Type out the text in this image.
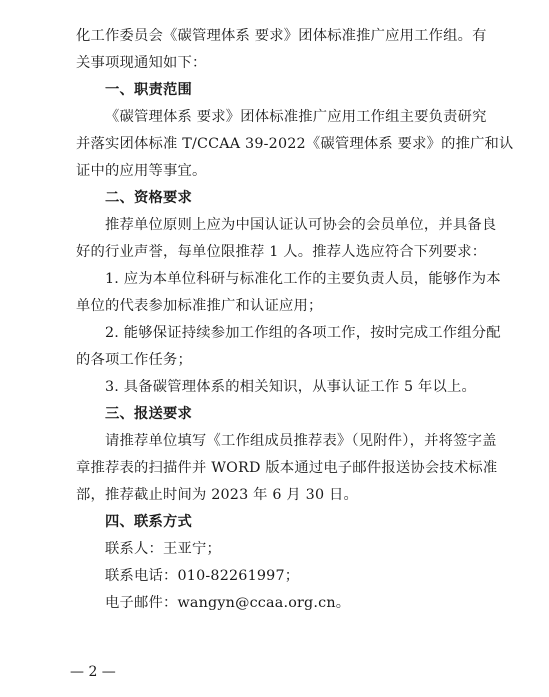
化工作委员会《碳管理体系 要求》团体标准推广应用工作组。有
关事项现通知如下：
一、职责范围
《碳管理体系 要求》团体标准推广应用工作组主要负责研究
并落实团体标准 T/CCAA 39-2022《碳管理体系 要求》的推广和认
证中的应用等事宜。
二、资格要求
推荐单位原则上应为中国认证认可协会的会员单位，并具备良
好的行业声誉，每单位限推荐 1 人。推荐人选应符合下列要求：
1. 应为本单位科研与标准化工作的主要负责人员，能够作为本
单位的代表参加标准推广和认证应用；
2. 能够保证持续参加工作组的各项工作，按时完成工作组分配
的各项工作任务；
3. 具备碳管理体系的相关知识，从事认证工作 5 年以上。
三、报送要求
请推荐单位填写《工作组成员推荐表》（见附件），并将签字盖
章推荐表的扫描件并 WORD 版本通过电子邮件报送协会技术标准
部，推荐截止时间为 2023 年 6 月 30 日。
四、联系方式
联系人：王亚宁；
联系电话：010-82261997；
电子邮件：wangyn@ccaa.org.cn。
— 2 —
